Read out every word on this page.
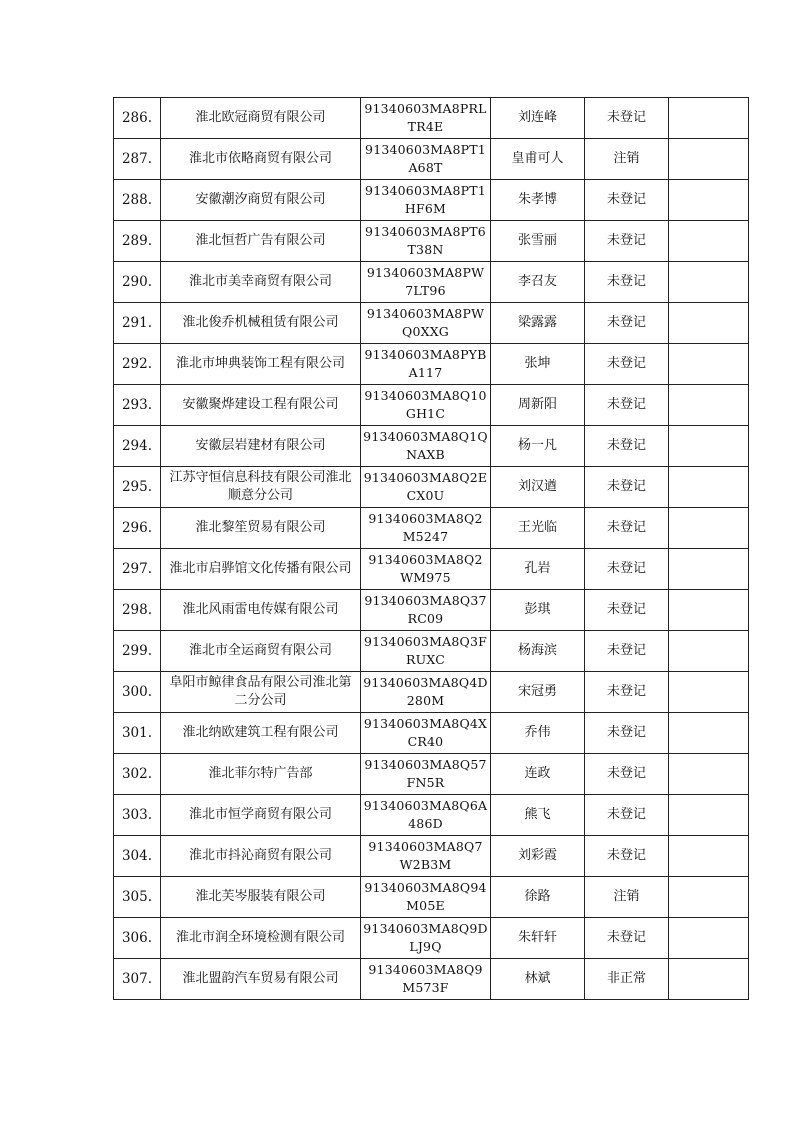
286.	淮北欧冠商贸有限公司	91340603MA8PRLTR4E	刘连峰	未登记	
287.	淮北市依略商贸有限公司	91340603MA8PT1A68T	皇甫可人	注销	
288.	安徽潮汐商贸有限公司	91340603MA8PT1HF6M	朱孝博	未登记	
289.	淮北恒哲广告有限公司	91340603MA8PT6T38N	张雪丽	未登记	
290.	淮北市美幸商贸有限公司	91340603MA8PW7LT96	李召友	未登记	
291.	淮北俊乔机械租赁有限公司	91340603MA8PWQ0XXG	梁露露	未登记	
292.	淮北市坤典装饰工程有限公司	91340603MA8PYBA117	张坤	未登记	
293.	安徽聚烨建设工程有限公司	91340603MA8Q10GH1C	周新阳	未登记	
294.	安徽层岩建材有限公司	91340603MA8Q1QNAXB	杨一凡	未登记	
295.	江苏守恒信息科技有限公司淮北顺意分公司	91340603MA8Q2ECX0U	刘汉遒	未登记	
296.	淮北黎笙贸易有限公司	91340603MA8Q2M5247	王光临	未登记	
297.	淮北市启骅馆文化传播有限公司	91340603MA8Q2WM975	孔岩	未登记	
298.	淮北风雨雷电传媒有限公司	91340603MA8Q37RC09	彭琪	未登记	
299.	淮北市全运商贸有限公司	91340603MA8Q3FRUXC	杨海滨	未登记	
300.	阜阳市鲸律食品有限公司淮北第二分公司	91340603MA8Q4D280M	宋冠勇	未登记	
301.	淮北纳欧建筑工程有限公司	91340603MA8Q4XCR40	乔伟	未登记	
302.	淮北菲尔特广告部	91340603MA8Q57FN5R	连政	未登记	
303.	淮北市恒学商贸有限公司	91340603MA8Q6A486D	熊飞	未登记	
304.	淮北市抖沁商贸有限公司	91340603MA8Q7W2B3M	刘彩霞	未登记	
305.	淮北芙岑服装有限公司	91340603MA8Q94M05E	徐路	注销	
306.	淮北市润全环境检测有限公司	91340603MA8Q9DLJ9Q	朱轩轩	未登记	
307.	淮北盟韵汽车贸易有限公司	91340603MA8Q9M573F	林斌	非正常	
